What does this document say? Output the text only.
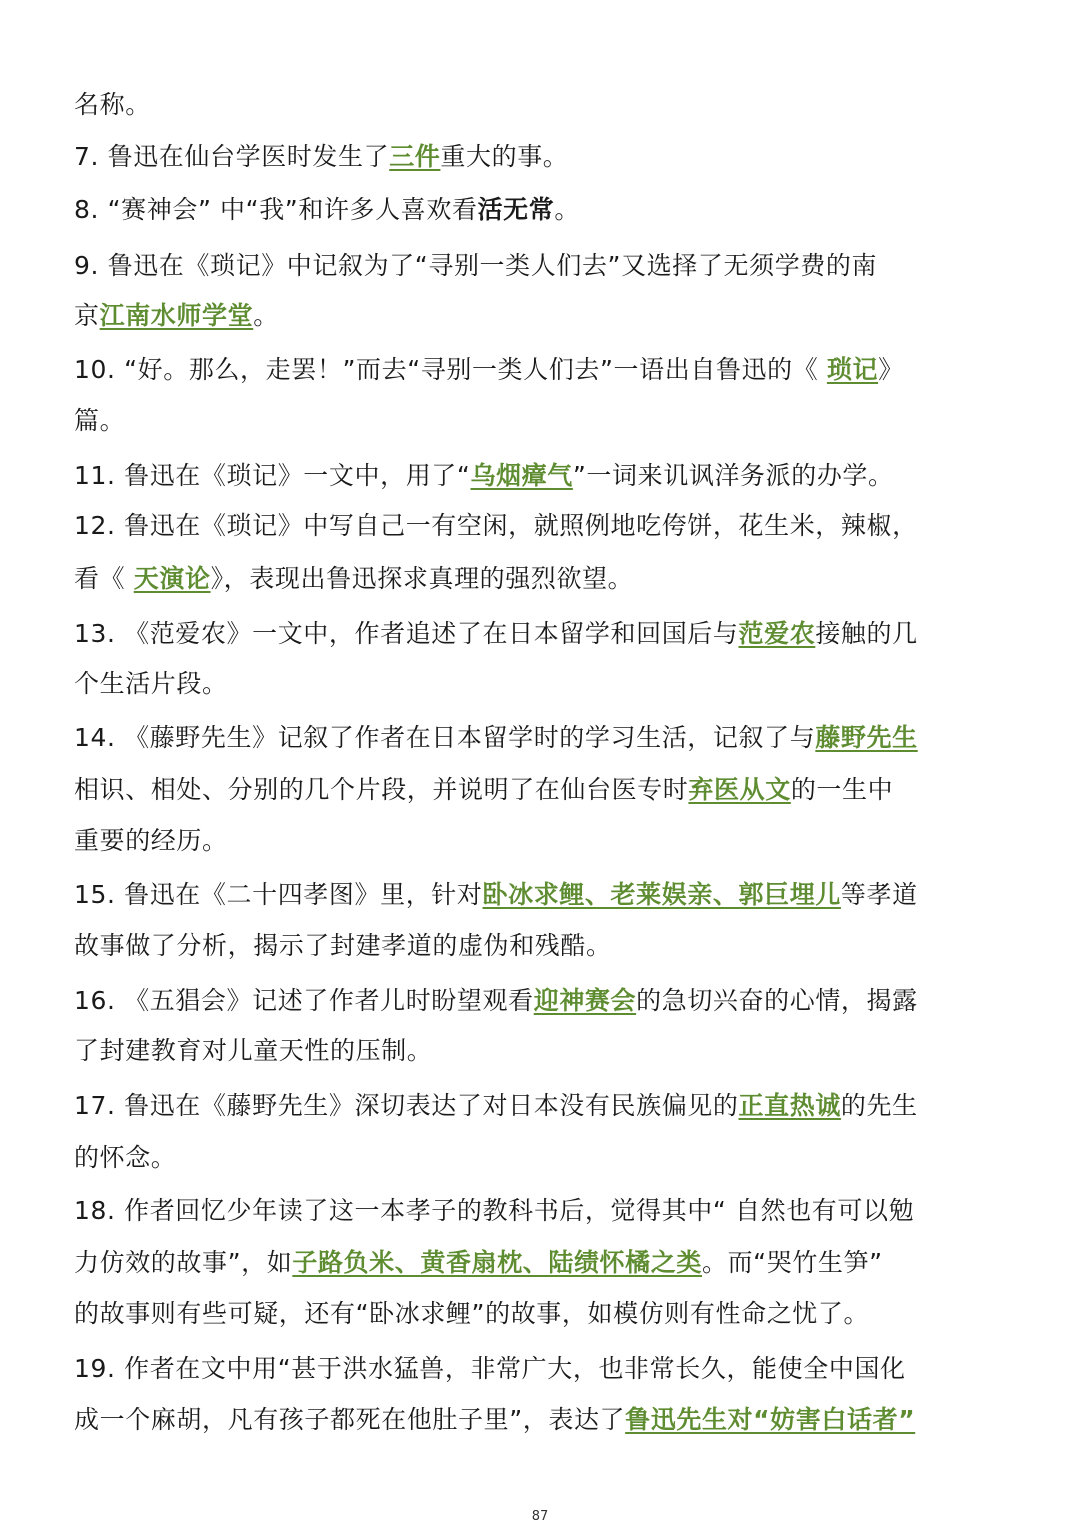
名称。
7. 鲁迅在仙台学医时发生了三件重大的事。
8. “赛神会” 中“我”和许多人喜欢看活无常。
9. 鲁迅在《琐记》中记叙为了“寻别一类人们去”又选择了无须学费的南
京江南水师学堂。
10. “好。那么，走罢！”而去“寻别一类人们去”一语出自鲁迅的《 琐记》
篇。
11. 鲁迅在《琐记》一文中，用了“乌烟瘴气”一词来讥讽洋务派的办学。
12. 鲁迅在《琐记》中写自己一有空闲，就照例地吃侉饼，花生米，辣椒，
看《 天演论》，表现出鲁迅探求真理的强烈欲望。
13. 《范爱农》一文中，作者追述了在日本留学和回国后与范爱农接触的几
个生活片段。
14. 《藤野先生》记叙了作者在日本留学时的学习生活，记叙了与藤野先生
相识、相处、分别的几个片段，并说明了在仙台医专时弃医从文的一生中
重要的经历。
15. 鲁迅在《二十四孝图》里，针对卧冰求鲤、老莱娱亲、郭巨埋儿等孝道
故事做了分析，揭示了封建孝道的虚伪和残酷。
16. 《五猖会》记述了作者儿时盼望观看迎神赛会的急切兴奋的心情，揭露
了封建教育对儿童天性的压制。
17. 鲁迅在《藤野先生》深切表达了对日本没有民族偏见的正直热诚的先生
的怀念。
18. 作者回忆少年读了这一本孝子的教科书后，觉得其中“ 自然也有可以勉
力仿效的故事”，如子路负米、黄香扇枕、陆绩怀橘之类。而“哭竹生笋”
的故事则有些可疑，还有“卧冰求鲤”的故事，如模仿则有性命之忧了。
19. 作者在文中用“甚于洪水猛兽，非常广大，也非常长久，能使全中国化
成一个麻胡，凡有孩子都死在他肚子里”，表达了鲁迅先生对“妨害白话者”
87
